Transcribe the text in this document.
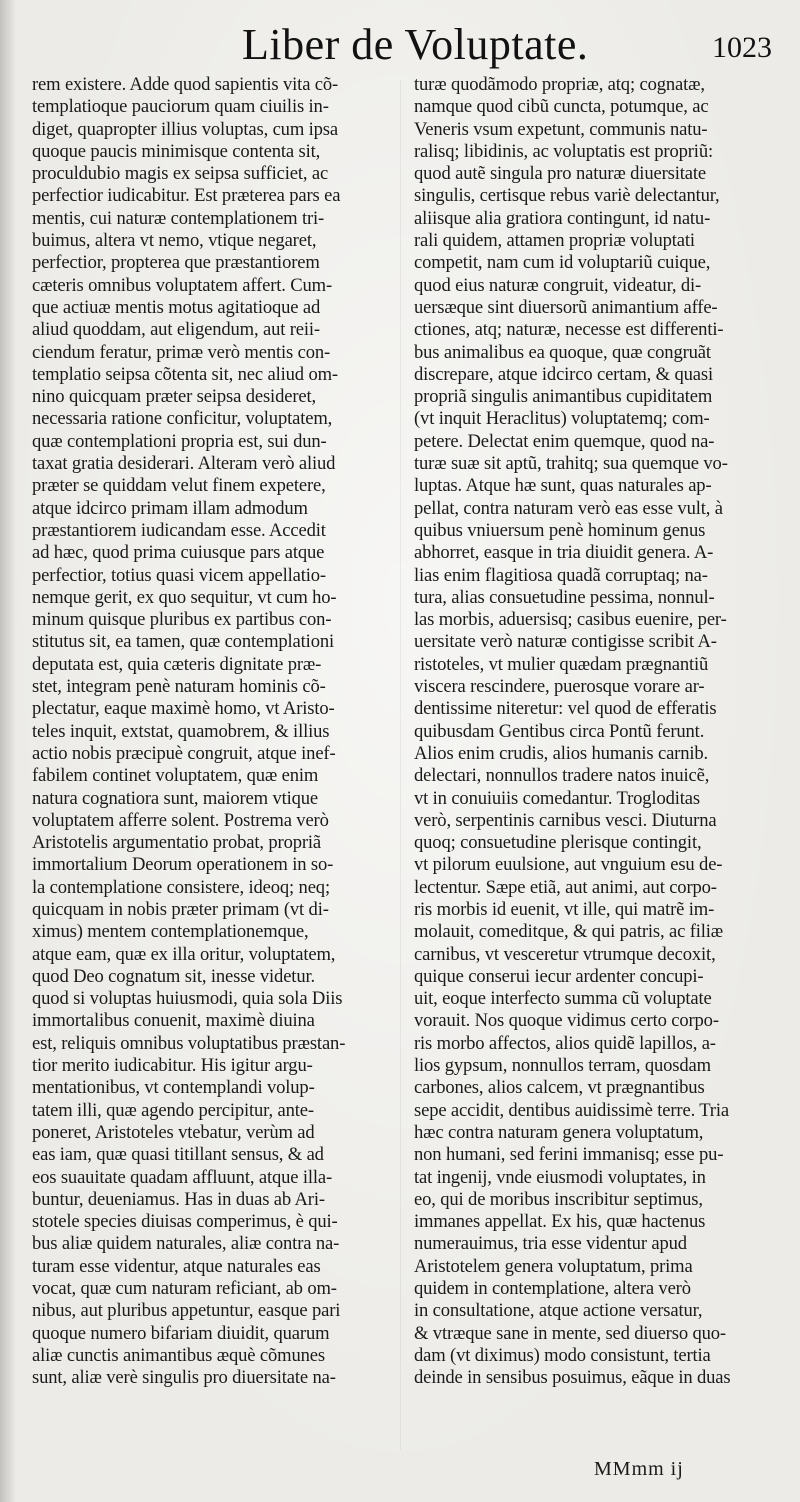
Liber de Voluptate.	1023
rem existere. Adde quod sapientis vita cõ-
templatioque pauciorum quam ciuilis in-
diget, quapropter illius voluptas, cum ipsa
quoque paucis minimisque contenta sit,
proculdubio magis ex seipsa sufficiet, ac
perfectior iudicabitur. Est præterea pars ea
mentis, cui naturæ contemplationem tri-
buimus, altera vt nemo, vtique negaret,
perfectior, propterea que præstantiorem
cæteris omnibus voluptatem affert. Cum-
que actiuæ mentis motus agitatioque ad
aliud quoddam, aut eligendum, aut reii-
ciendum feratur, primæ verò mentis con-
templatio seipsa cõtenta sit, nec aliud om-
nino quicquam præter seipsa desideret,
necessaria ratione conficitur, voluptatem,
quæ contemplationi propria est, sui dun-
taxat gratia desiderari. Alteram verò aliud
præter se quiddam velut finem expetere,
atque idcirco primam illam admodum
præstantiorem iudicandam esse. Accedit
ad hæc, quod prima cuiusque pars atque
perfectior, totius quasi vicem appellatio-
nemque gerit, ex quo sequitur, vt cum ho-
minum quisque pluribus ex partibus con-
stitutus sit, ea tamen, quæ contemplationi
deputata est, quia cæteris dignitate præ-
stet, integram penè naturam hominis cõ-
plectatur, eaque maximè homo, vt Aristo-
teles inquit, extstat, quamobrem, & illius
actio nobis præcipuè congruit, atque inef-
fabilem continet voluptatem, quæ enim
natura cognatiora sunt, maiorem vtique
voluptatem afferre solent. Postrema verò
Aristotelis argumentatio probat, propriã
immortalium Deorum operationem in so-
la contemplatione consistere, ideoq; neq;
quicquam in nobis præter primam (vt di-
ximus) mentem contemplationemque,
atque eam, quæ ex illa oritur, voluptatem,
quod Deo cognatum sit, inesse videtur.
quod si voluptas huiusmodi, quia sola Diis
immortalibus conuenit, maximè diuina
est, reliquis omnibus voluptatibus præstan-
tior merito iudicabitur. His igitur argu-
mentationibus, vt contemplandi volup-
tatem illi, quæ agendo percipitur, ante-
poneret, Aristoteles vtebatur, verùm ad
eas iam, quæ quasi titillant sensus, & ad
eos suauitate quadam affluunt, atque illa-
buntur, deueniamus. Has in duas ab Ari-
stotele species diuisas comperimus, è qui-
bus aliæ quidem naturales, aliæ contra na-
turam esse videntur, atque naturales eas
vocat, quæ cum naturam reficiant, ab om-
nibus, aut pluribus appetuntur, easque pari
quoque numero bifariam diuidit, quarum
aliæ cunctis animantibus æquè cõmunes
sunt, aliæ verè singulis pro diuersitate na-
turæ quodãmodo propriæ, atq; cognatæ,
namque quod cibũ cuncta, potumque, ac
Veneris vsum expetunt, communis natu-
ralisq; libidinis, ac voluptatis est propriũ:
quod autẽ singula pro naturæ diuersitate
singulis, certisque rebus variè delectantur,
aliisque alia gratiora contingunt, id natu-
rali quidem, attamen propriæ voluptati
competit, nam cum id voluptariũ cuique,
quod eius naturæ congruit, videatur, di-
uersæque sint diuersorũ animantium affe-
ctiones, atq; naturæ, necesse est differenti-
bus animalibus ea quoque, quæ congruãt
discrepare, atque idcirco certam, & quasi
propriã singulis animantibus cupiditatem
(vt inquit Heraclitus) voluptatemq; com-
petere. Delectat enim quemque, quod na-
turæ suæ sit aptũ, trahitq; sua quemque vo-
luptas. Atque hæ sunt, quas naturales ap-
pellat, contra naturam verò eas esse vult, à
quibus vniuersum penè hominum genus
abhorret, easque in tria diuidit genera. A-
lias enim flagitiosa quadã corruptaq; na-
tura, alias consuetudine pessima, nonnul-
las morbis, aduersisq; casibus euenire, per-
uersitate verò naturæ contigisse scribit A-
ristoteles, vt mulier quædam prægnantiũ
viscera rescindere, puerosque vorare ar-
dentissime niteretur: vel quod de efferatis
quibusdam Gentibus circa Pontũ ferunt.
Alios enim crudis, alios humanis carnib.
delectari, nonnullos tradere natos inuicẽ,
vt in conuiuiis comedantur. Trogloditas
verò, serpentinis carnibus vesci. Diuturna
quoq; consuetudine plerisque contingit,
vt pilorum euulsione, aut vnguium esu de-
lectentur. Sæpe etiã, aut animi, aut corpo-
ris morbis id euenit, vt ille, qui matrẽ im-
molauit, comeditque, & qui patris, ac filiæ
carnibus, vt vesceretur vtrumque decoxit,
quique conserui iecur ardenter concupi-
uit, eoque interfecto summa cũ voluptate
vorauit. Nos quoque vidimus certo corpo-
ris morbo affectos, alios quidẽ lapillos, a-
lios gypsum, nonnullos terram, quosdam
carbones, alios calcem, vt prægnantibus
sepe accidit, dentibus auidissimè terre. Tria
hæc contra naturam genera voluptatum,
non humani, sed ferini immanisq; esse pu-
tat ingenij, vnde eiusmodi voluptates, in
eo, qui de moribus inscribitur septimus,
immanes appellat. Ex his, quæ hactenus
numerauimus, tria esse videntur apud
Aristotelem genera voluptatum, prima
quidem in contemplatione, altera verò
in consultatione, atque actione versatur,
& vtræque sane in mente, sed diuerso quo-
dam (vt diximus) modo consistunt, tertia
deinde in sensibus posuimus, eãque in duas
MMmm ij
